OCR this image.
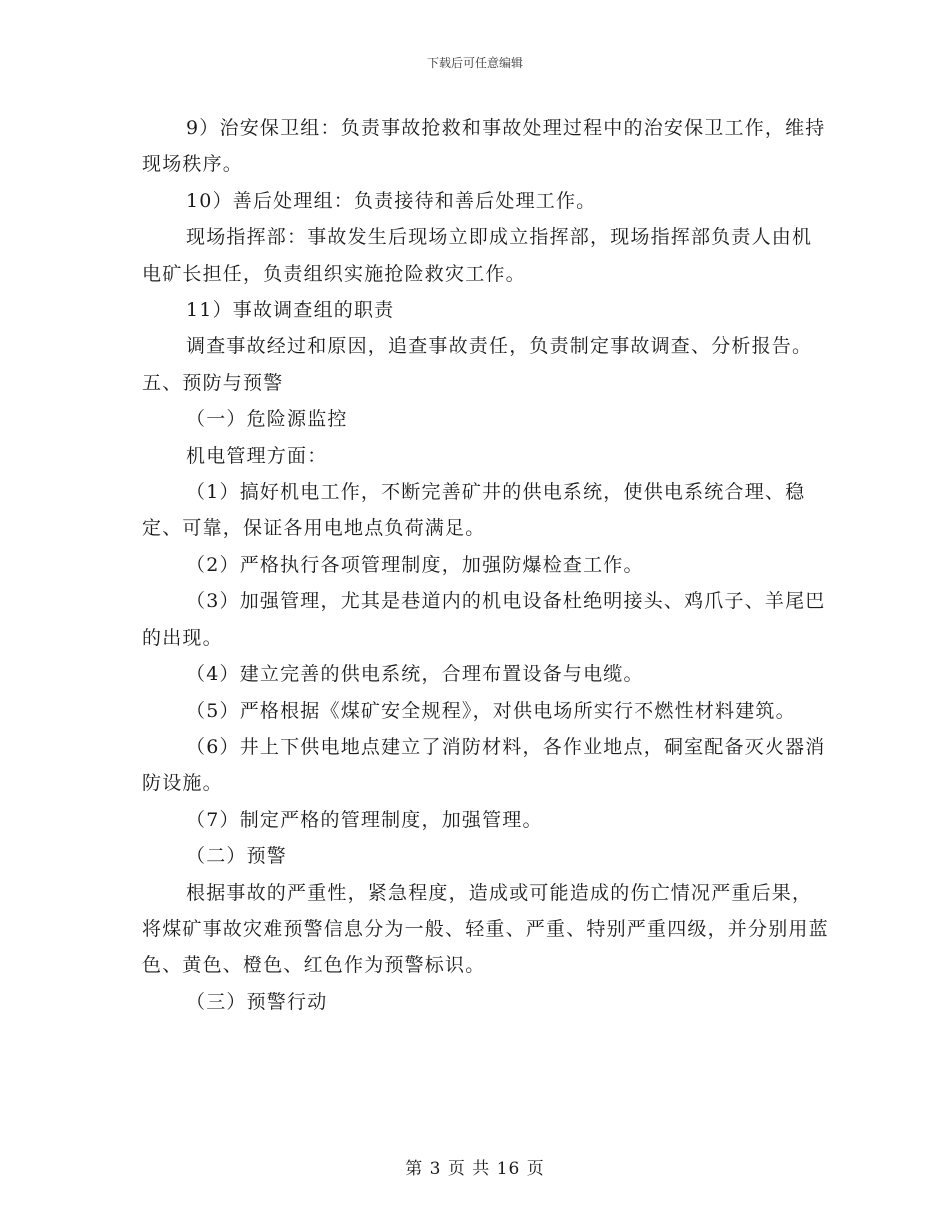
下载后可任意编辑

9）治安保卫组：负责事故抢救和事故处理过程中的治安保卫工作，维持现场秩序。

10）善后处理组：负责接待和善后处理工作。

现场指挥部：事故发生后现场立即成立指挥部，现场指挥部负责人由机电矿长担任，负责组织实施抢险救灾工作。

11）事故调查组的职责

调查事故经过和原因，追查事故责任，负责制定事故调查、分析报告。            五、预防与预警

（一）危险源监控

机电管理方面：

（1）搞好机电工作，不断完善矿井的供电系统，使供电系统合理、稳定、可靠，保证各用电地点负荷满足。

（2）严格执行各项管理制度，加强防爆检查工作。

（3）加强管理，尤其是巷道内的机电设备杜绝明接头、鸡爪子、羊尾巴的出现。

（4）建立完善的供电系统，合理布置设备与电缆。

（5）严格根据《煤矿安全规程》，对供电场所实行不燃性材料建筑。

（6）井上下供电地点建立了消防材料，各作业地点，硐室配备灭火器消防设施。

（7）制定严格的管理制度，加强管理。

（二）预警

根据事故的严重性，紧急程度，造成或可能造成的伤亡情况严重后果，将煤矿事故灾难预警信息分为一般、轻重、严重、特别严重四级，并分别用蓝色、黄色、橙色、红色作为预警标识。

（三）预警行动

第 3 页 共 16 页
